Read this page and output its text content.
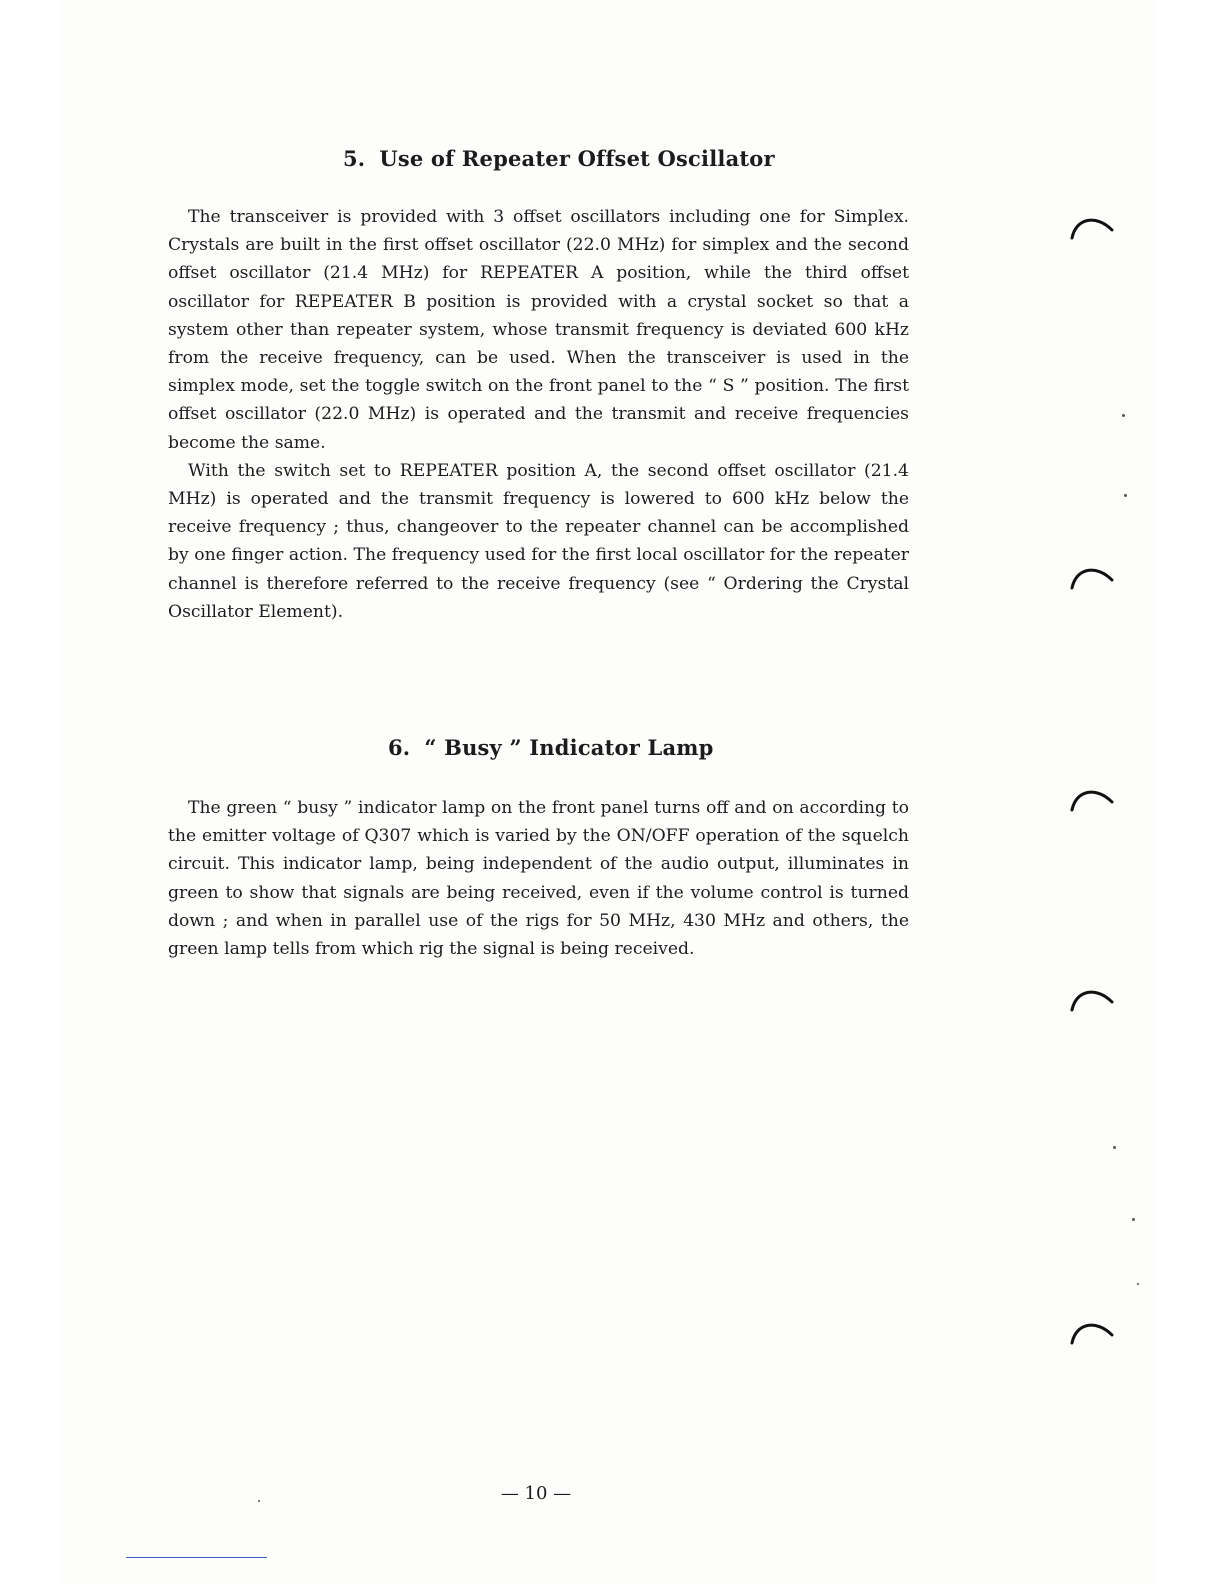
5. Use of Repeater Offset Oscillator

The transceiver is provided with 3 offset oscillators including one for Simplex. Crystals are built in the first offset oscillator (22.0 MHz) for simplex and the second offset oscillator (21.4 MHz) for REPEATER A position, while the third offset oscillator for REPEATER B position is provided with a crystal socket so that a system other than repeater system, whose transmit frequency is deviated 600 kHz from the receive frequency, can be used. When the transceiver is used in the simplex mode, set the toggle switch on the front panel to the “ S ” position. The first offset oscillator (22.0 MHz) is operated and the transmit and receive frequencies become the same.

With the switch set to REPEATER position A, the second offset oscillator (21.4 MHz) is operated and the transmit frequency is lowered to 600 kHz below the receive frequency ; thus, changeover to the repeater channel can be accomplished by one finger action. The frequency used for the first local oscillator for the repeater channel is therefore referred to the receive frequency (see “ Ordering the Crystal Oscillator Element).

6. “ Busy ” Indicator Lamp

The green “ busy ” indicator lamp on the front panel turns off and on according to the emitter voltage of Q307 which is varied by the ON/OFF operation of the squelch circuit. This indicator lamp, being independent of the audio output, illuminates in green to show that signals are being received, even if the volume control is turned down ; and when in parallel use of the rigs for 50 MHz, 430 MHz and others, the green lamp tells from which rig the signal is being received.

— 10 —
